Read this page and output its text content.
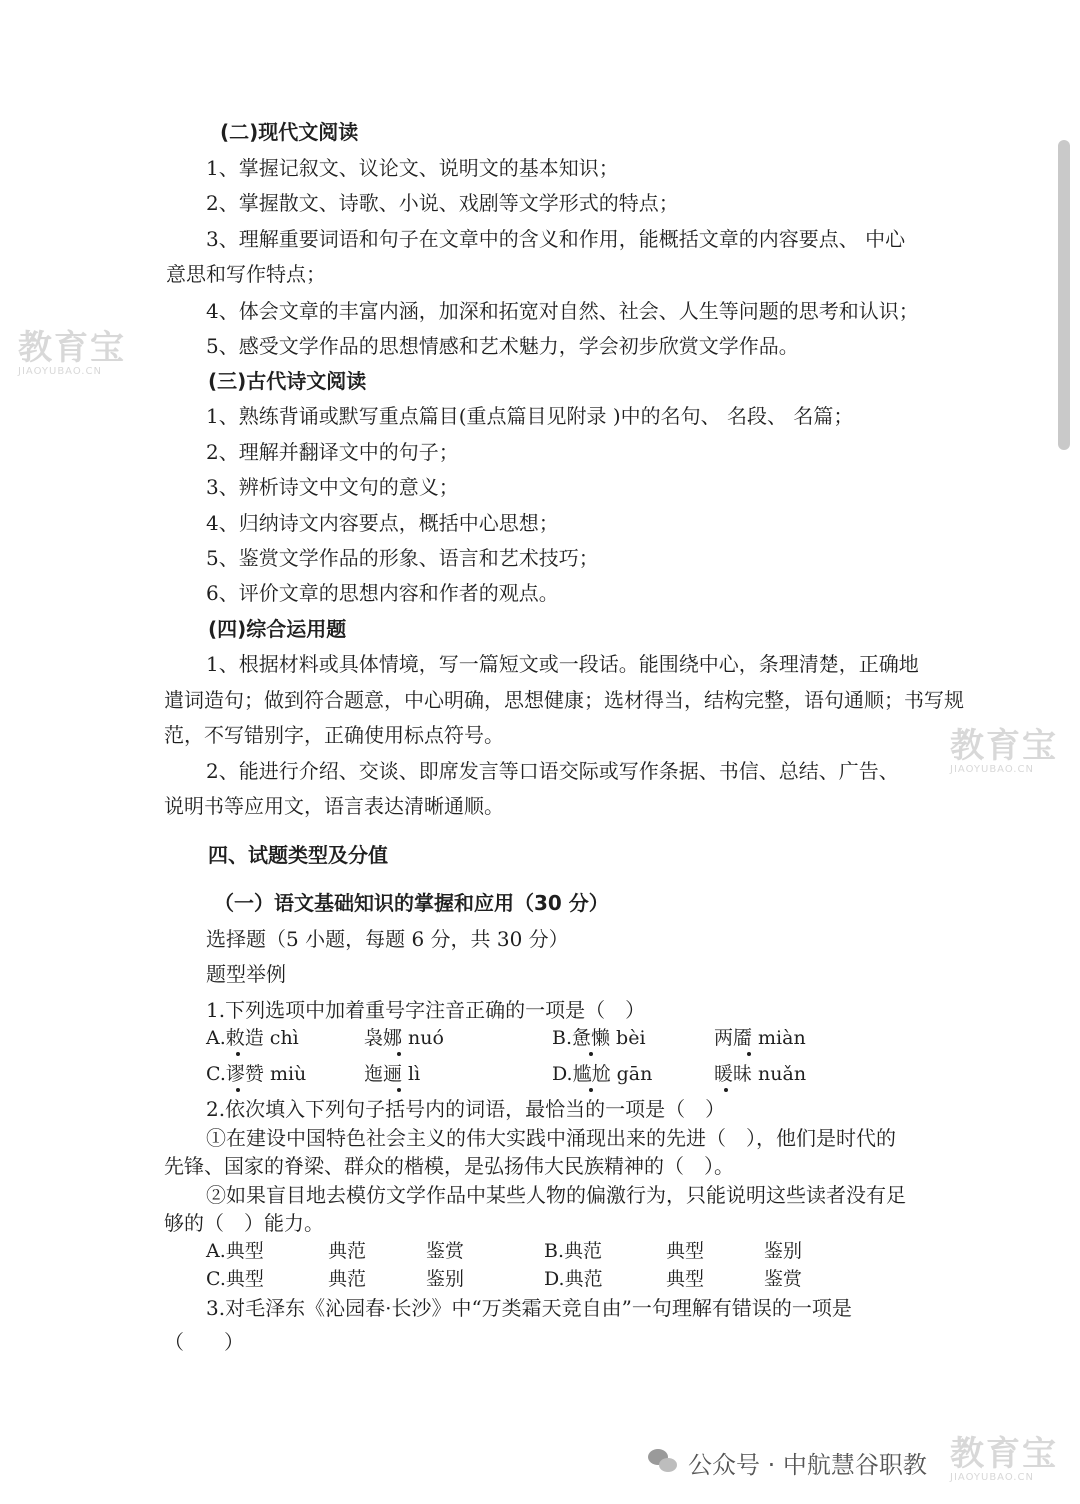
(二)现代文阅读
1、掌握记叙文、议论文、说明文的基本知识；
2、掌握散文、诗歌、小说、戏剧等文学形式的特点；
3、理解重要词语和句子在文章中的含义和作用，能概括文章的内容要点、 中心
意思和写作特点；
4、体会文章的丰富内涵，加深和拓宽对自然、社会、人生等问题的思考和认识；
5、感受文学作品的思想情感和艺术魅力，学会初步欣赏文学作品。
(三)古代诗文阅读
1、熟练背诵或默写重点篇目(重点篇目见附录 )中的名句、 名段、 名篇；
2、理解并翻译文中的句子；
3、辨析诗文中文句的意义；
4、归纳诗文内容要点，概括中心思想；
5、鉴赏文学作品的形象、语言和艺术技巧；
6、评价文章的思想内容和作者的观点。
(四)综合运用题
1、根据材料或具体情境，写一篇短文或一段话。能围绕中心，条理清楚，正确地
遣词造句；做到符合题意，中心明确，思想健康；选材得当，结构完整，语句通顺；书写规
范，不写错别字，正确使用标点符号。
2、能进行介绍、交谈、即席发言等口语交际或写作条据、书信、总结、广告、
说明书等应用文，语言表达清晰通顺。
四、试题类型及分值
（一）语文基础知识的掌握和应用（30 分）
选择题（5 小题，每题 6 分，共 30 分）
题型举例
1.下列选项中加着重号字注音正确的一项是（　）
A.敕造 chì	袅娜 nuó	B.惫懒 bèi	两靥 miàn
C.谬赞 miù	迤逦 lì	D.尴尬 gān	暖昧 nuǎn
2.依次填入下列句子括号内的词语，最恰当的一项是（　）
①在建设中国特色社会主义的伟大实践中涌现出来的先进（　），他们是时代的
先锋、国家的脊梁、群众的楷模，是弘扬伟大民族精神的（　）。
②如果盲目地去模仿文学作品中某些人物的偏激行为，只能说明这些读者没有足
够的（　）能力。
A.典型	典范	鉴赏	B.典范	典型	鉴别
C.典型	典范	鉴别	D.典范	典型	鉴赏
3.对毛泽东《沁园春·长沙》中“万类霜天竞自由”一句理解有错误的一项是
（　　）
教育宝
JIAOYUBAO.CN
教育宝
JIAOYUBAO.CN
教育宝
JIAOYUBAO.CN
公众号 · 中航慧谷职教
